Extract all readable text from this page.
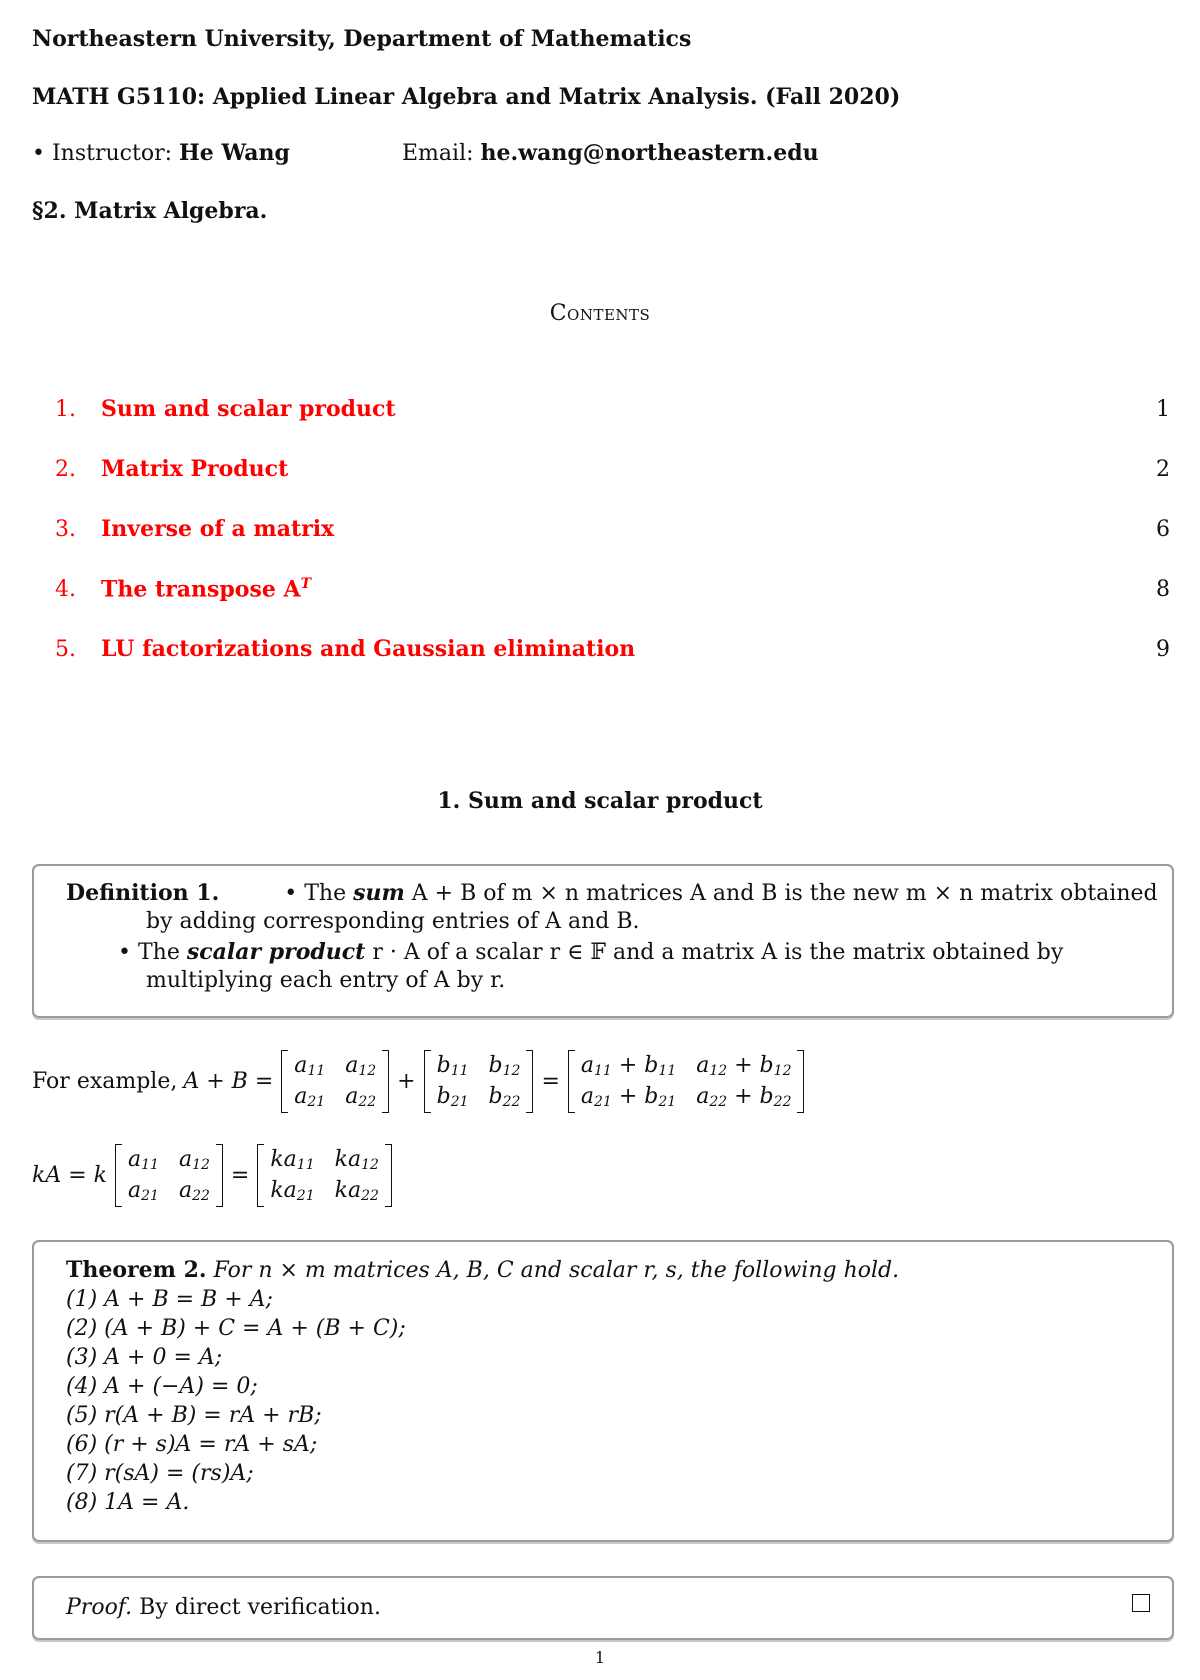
Northeastern University, Department of Mathematics
MATH G5110: Applied Linear Algebra and Matrix Analysis. (Fall 2020)
• Instructor: He Wang	Email: he.wang@northeastern.edu
§2. Matrix Algebra.
Contents
1. Sum and scalar product	1
2. Matrix Product	2
3. Inverse of a matrix	6
4. The transpose $A^T$	8
5. LU factorizations and Gaussian elimination	9
1. Sum and scalar product
Definition 1.	• The sum A + B of m × n matrices A and B is the new m × n matrix obtained
by adding corresponding entries of A and B.
• The scalar product r · A of a scalar r ∈ 𝔽 and a matrix A is the matrix obtained by
multiplying each entry of A by r.
For example, A + B =
$a_{11}$ $a_{12}$
$a_{21}$ $a_{22}$
+
$b_{11}$ $b_{12}$
$b_{21}$ $b_{22}$
=
$a_{11} + b_{11}$ $a_{12} + b_{12}$
$a_{21} + b_{21}$ $a_{22} + b_{22}$
kA = k
$a_{11}$ $a_{12}$
$a_{21}$ $a_{22}$
=
$ka_{11}$ $ka_{12}$
$ka_{21}$ $ka_{22}$
Theorem 2. For n × m matrices A, B, C and scalar r, s, the following hold.
(1) A + B = B + A;
(2) (A + B) + C = A + (B + C);
(3) A + 0 = A;
(4) A + (−A) = 0;
(5) r(A + B) = rA + rB;
(6) (r + s)A = rA + sA;
(7) r(sA) = (rs)A;
(8) 1A = A.
Proof. By direct verification.
1
